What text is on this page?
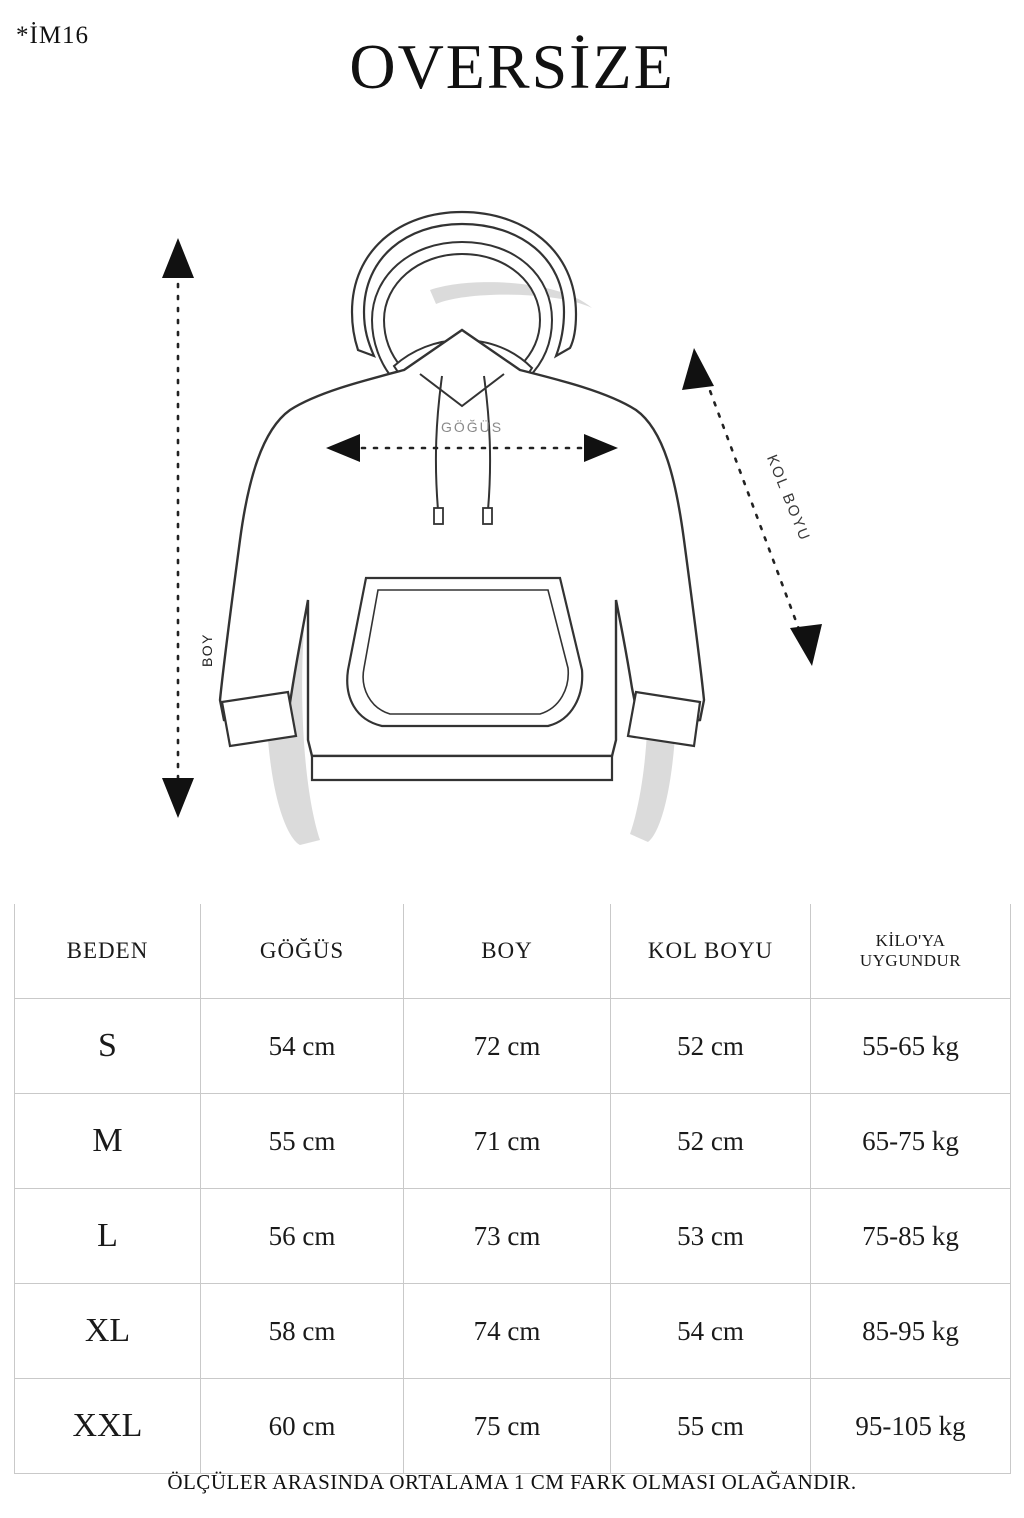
*İM16	OVERSİZE
BOY
GÖĞÜS
KOL BOYU
BEDEN	GÖĞÜS	BOY	KOL BOYU	KİLO'YA
UYGUNDUR

S	54 cm	72 cm	52 cm	55-65 kg
M	55 cm	71 cm	52 cm	65-75 kg
L	56 cm	73 cm	53 cm	75-85 kg
XL	58 cm	74 cm	54 cm	85-95 kg
XXL	60 cm	75 cm	55 cm	95-105 kg
ÖLÇÜLER ARASINDA ORTALAMA 1 CM FARK OLMASI OLAĞANDIR.
